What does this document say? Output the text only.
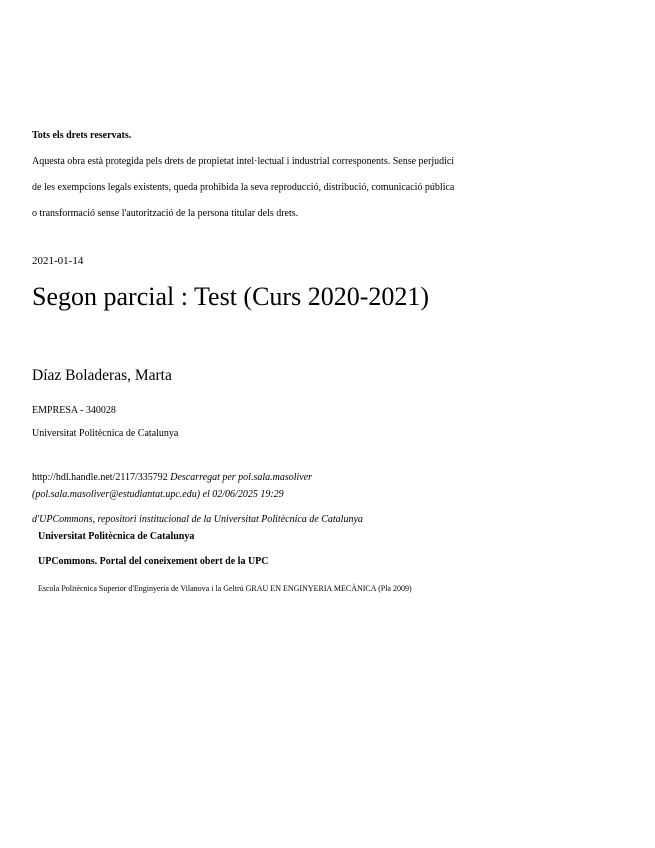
Tots els drets reservats.
Aquesta obra està protegida pels drets de propietat intel·lectual i industrial corresponents. Sense perjudici
de les exempcions legals existents, queda prohibida la seva reproducció, distribució, comunicació pública
o transformació sense l'autorització de la persona titular dels drets.
2021-01-14
Segon parcial : Test (Curs 2020-2021)
Díaz Boladeras, Marta
EMPRESA - 340028
Universitat Politècnica de Catalunya
http://hdl.handle.net/2117/335792 Descarregat per pol.sala.masoliver
(pol.sala.masoliver@estudiantat.upc.edu) el 02/06/2025 19:29
d'UPCommons, repositori institucional de la Universitat Politècnica de Catalunya
Universitat Politècnica de Catalunya
UPCommons. Portal del coneixement obert de la UPC
Escola Politècnica Superior d'Enginyeria de Vilanova i la Geltrú GRAU EN ENGINYERIA MECÀNICA (Pla 2009)
